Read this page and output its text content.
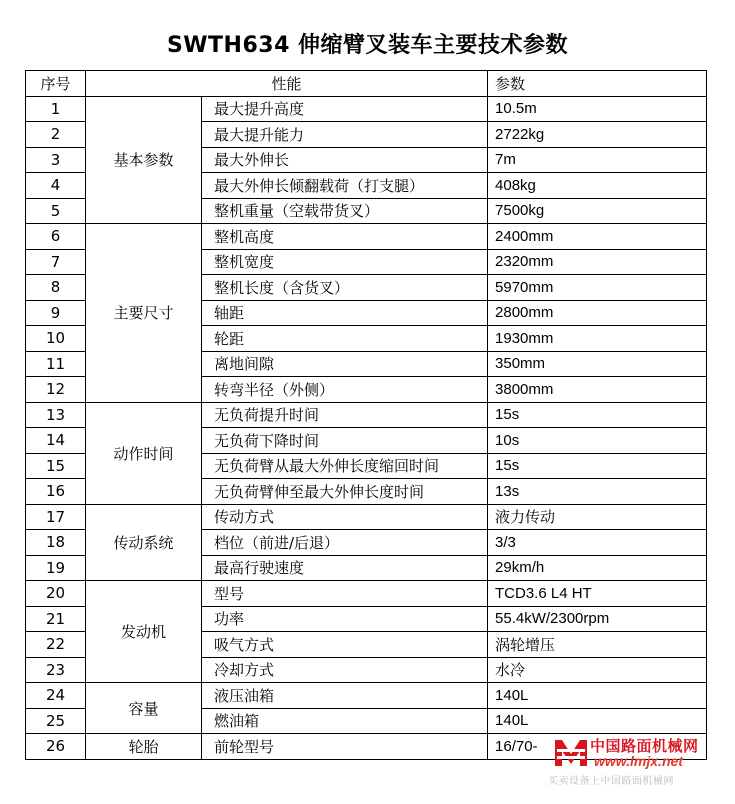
SWTH634 伸缩臂叉装车主要技术参数
序号	性能		参数
1	基本参数	最大提升高度	10.5m
2		最大提升能力	2722kg
3		最大外伸长	7m
4		最大外伸长倾翻载荷（打支腿）	408kg
5		整机重量（空载带货叉）	7500kg
6	主要尺寸	整机高度	2400mm
7		整机宽度	2320mm
8		整机长度（含货叉）	5970mm
9		轴距	2800mm
10		轮距	1930mm
11		离地间隙	350mm
12		转弯半径（外侧）	3800mm
13	动作时间	无负荷提升时间	15s
14		无负荷下降时间	10s
15		无负荷臂从最大外伸长度缩回时间	15s
16		无负荷臂伸至最大外伸长度时间	13s
17	传动系统	传动方式	液力传动
18		档位（前进/后退）	3/3
19		最高行驶速度	29km/h
20	发动机	型号	TCD3.6 L4 HT
21		功率	55.4kW/2300rpm
22		吸气方式	涡轮增压
23		冷却方式	水冷
24	容量	液压油箱	140L
25		燃油箱	140L
26	轮胎	前轮型号	16/70-	中国路面机械网
www.lmjx.net
买卖设备上中国路面机械网
